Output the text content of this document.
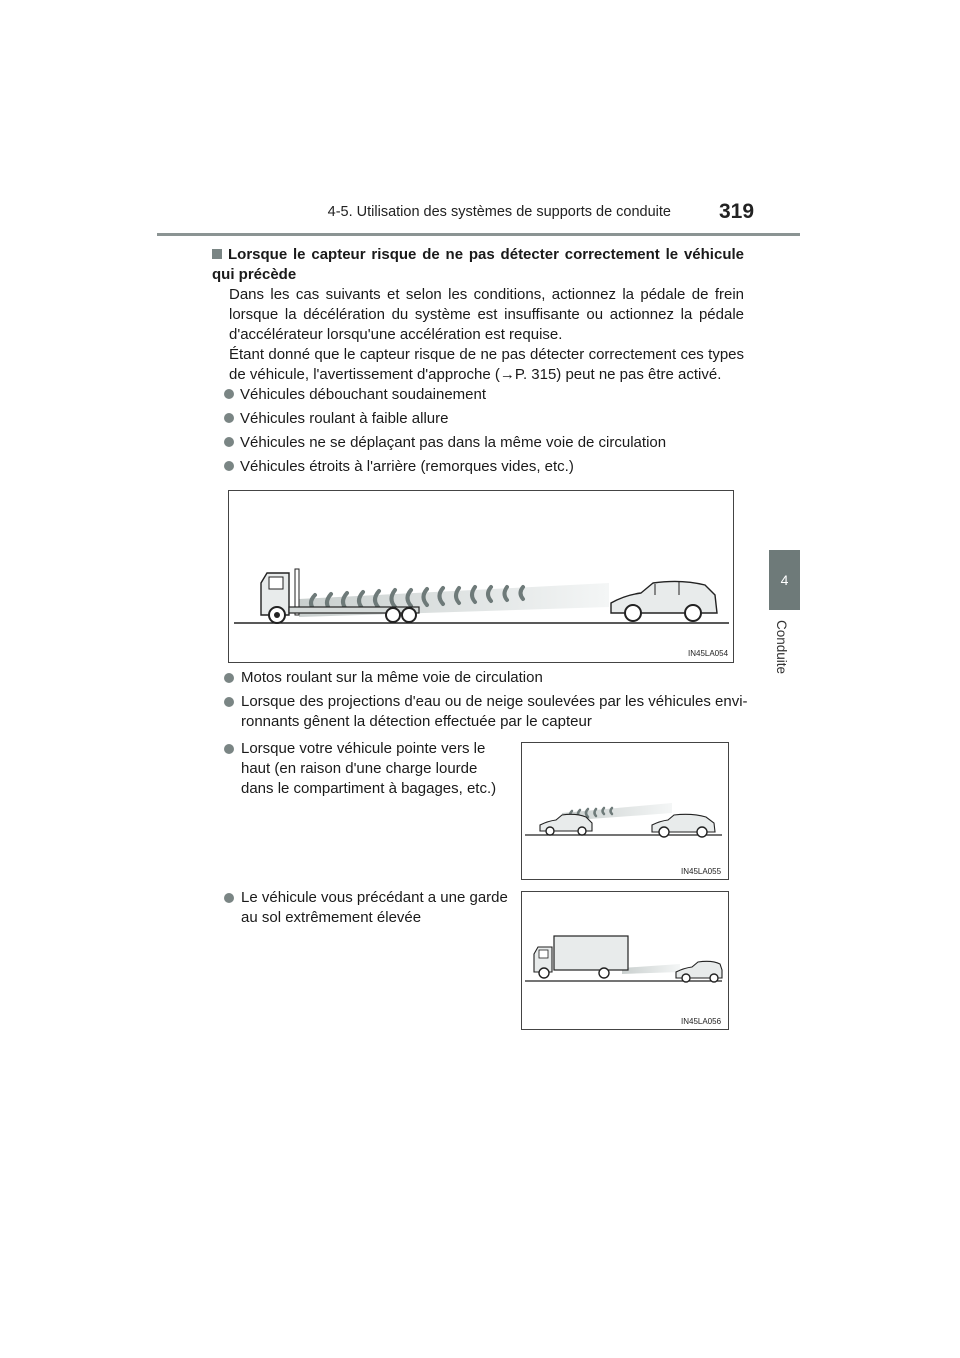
4-5. Utilisation des systèmes de supports de conduite 319
4
Conduite
Lorsque le capteur risque de ne pas détecter correctement le véhicule qui précède
Dans les cas suivants et selon les conditions, actionnez la pédale de frein lorsque la décélération du système est insuffisante ou actionnez la pédale d'accélérateur lorsqu'une accélération est requise.
Étant donné que le capteur risque de ne pas détecter correctement ces types de véhicule, l'avertissement d'approche (→P. 315) peut ne pas être activé.
Véhicules débouchant soudainement
Véhicules roulant à faible allure
Véhicules ne se déplaçant pas dans la même voie de circulation
Véhicules étroits à l'arrière (remorques vides, etc.)
IN45LA054
Motos roulant sur la même voie de circulation
Lorsque des projections d'eau ou de neige soulevées par les véhicules envi-
ronnants gênent la détection effectuée par le capteur
Lorsque votre véhicule pointe vers le
haut (en raison d'une charge lourde
dans le compartiment à bagages, etc.)
IN45LA055
Le véhicule vous précédant a une garde
au sol extrêmement élevée
IN45LA056
